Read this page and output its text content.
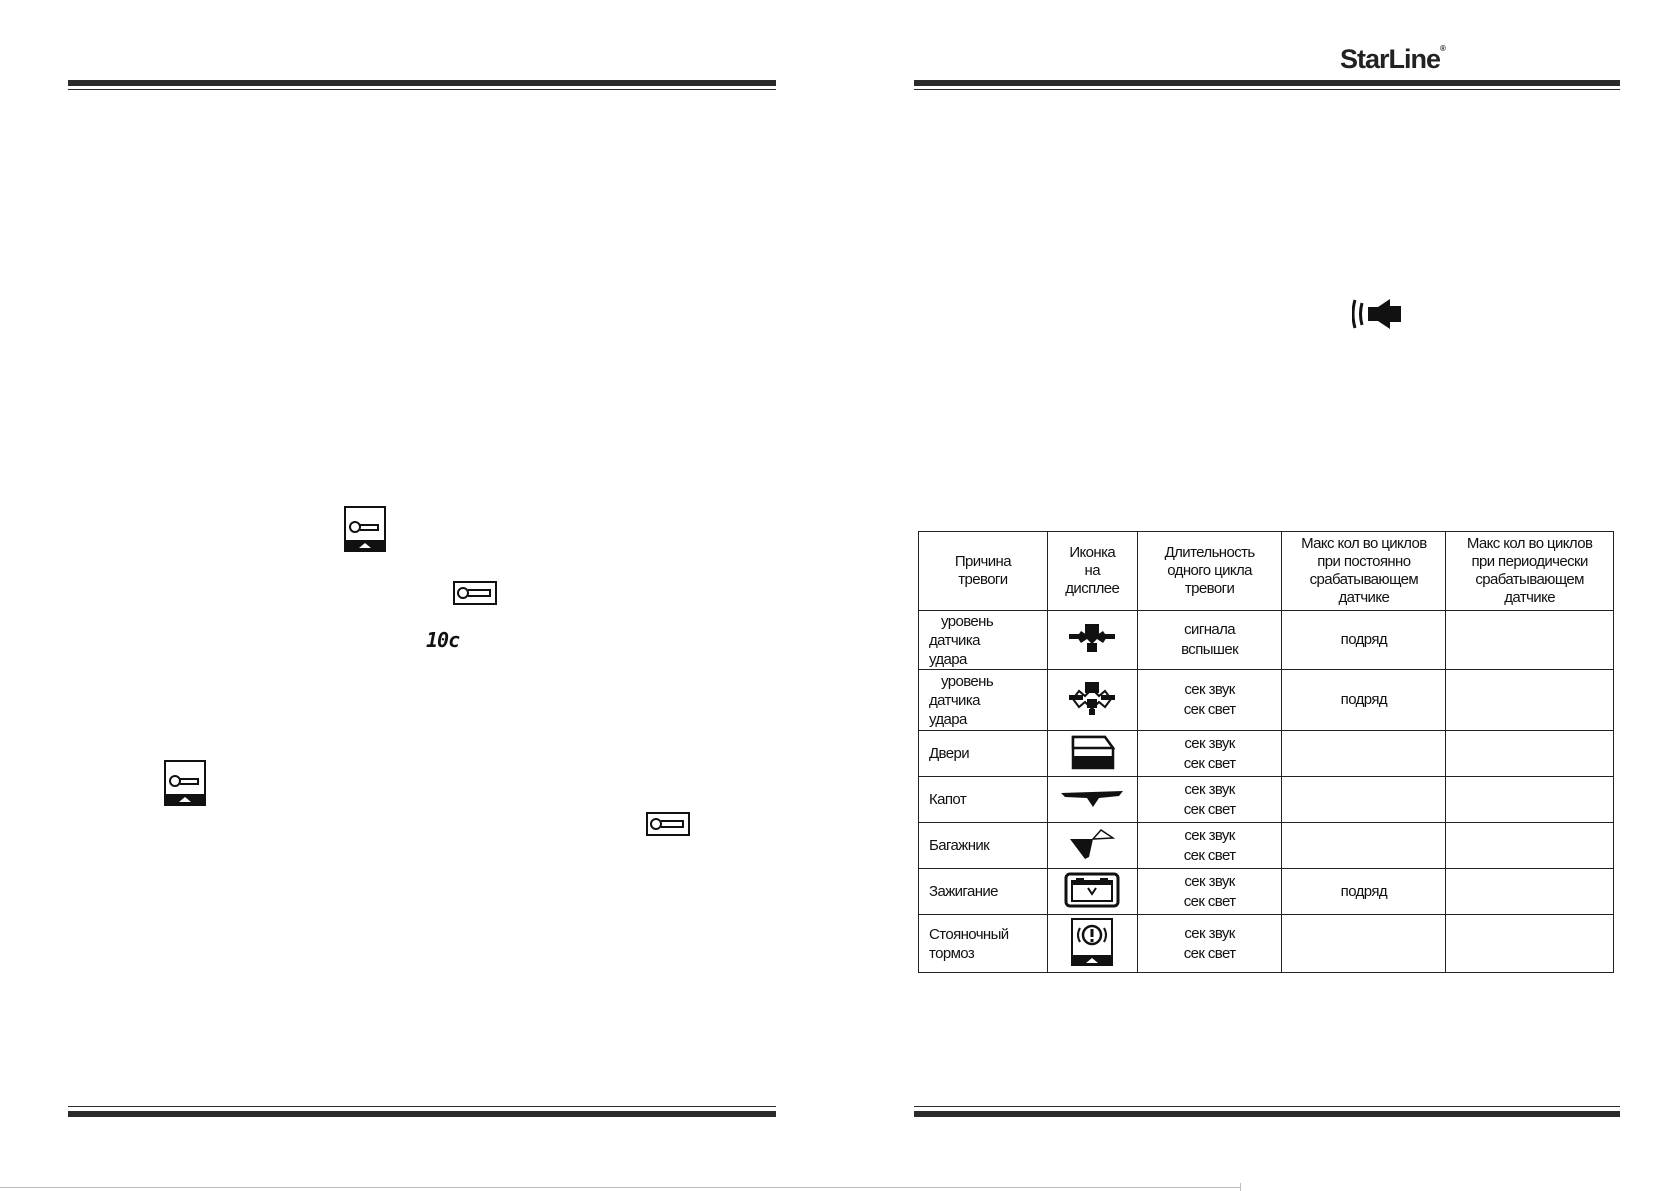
StarLine®
10c
Причина
тревоги	Иконка
на
дисплее	Длительность
одного цикла
тревоги	Макс кол во циклов
при постоянно
срабатывающем
датчике	Макс кол во циклов
при периодически
срабатывающем
датчике

уровень
датчика
удара		сигнала
вспышек	подряд	

уровень
датчика
удара		сек звук
сек свет	подряд	

Двери		сек звук
сек свет		

Капот		сек звук
сек свет		

Багажник		сек звук
сек свет		

Зажигание		сек звук
сек свет	подряд	

Стояночный
тормоз		сек звук
сек свет		
